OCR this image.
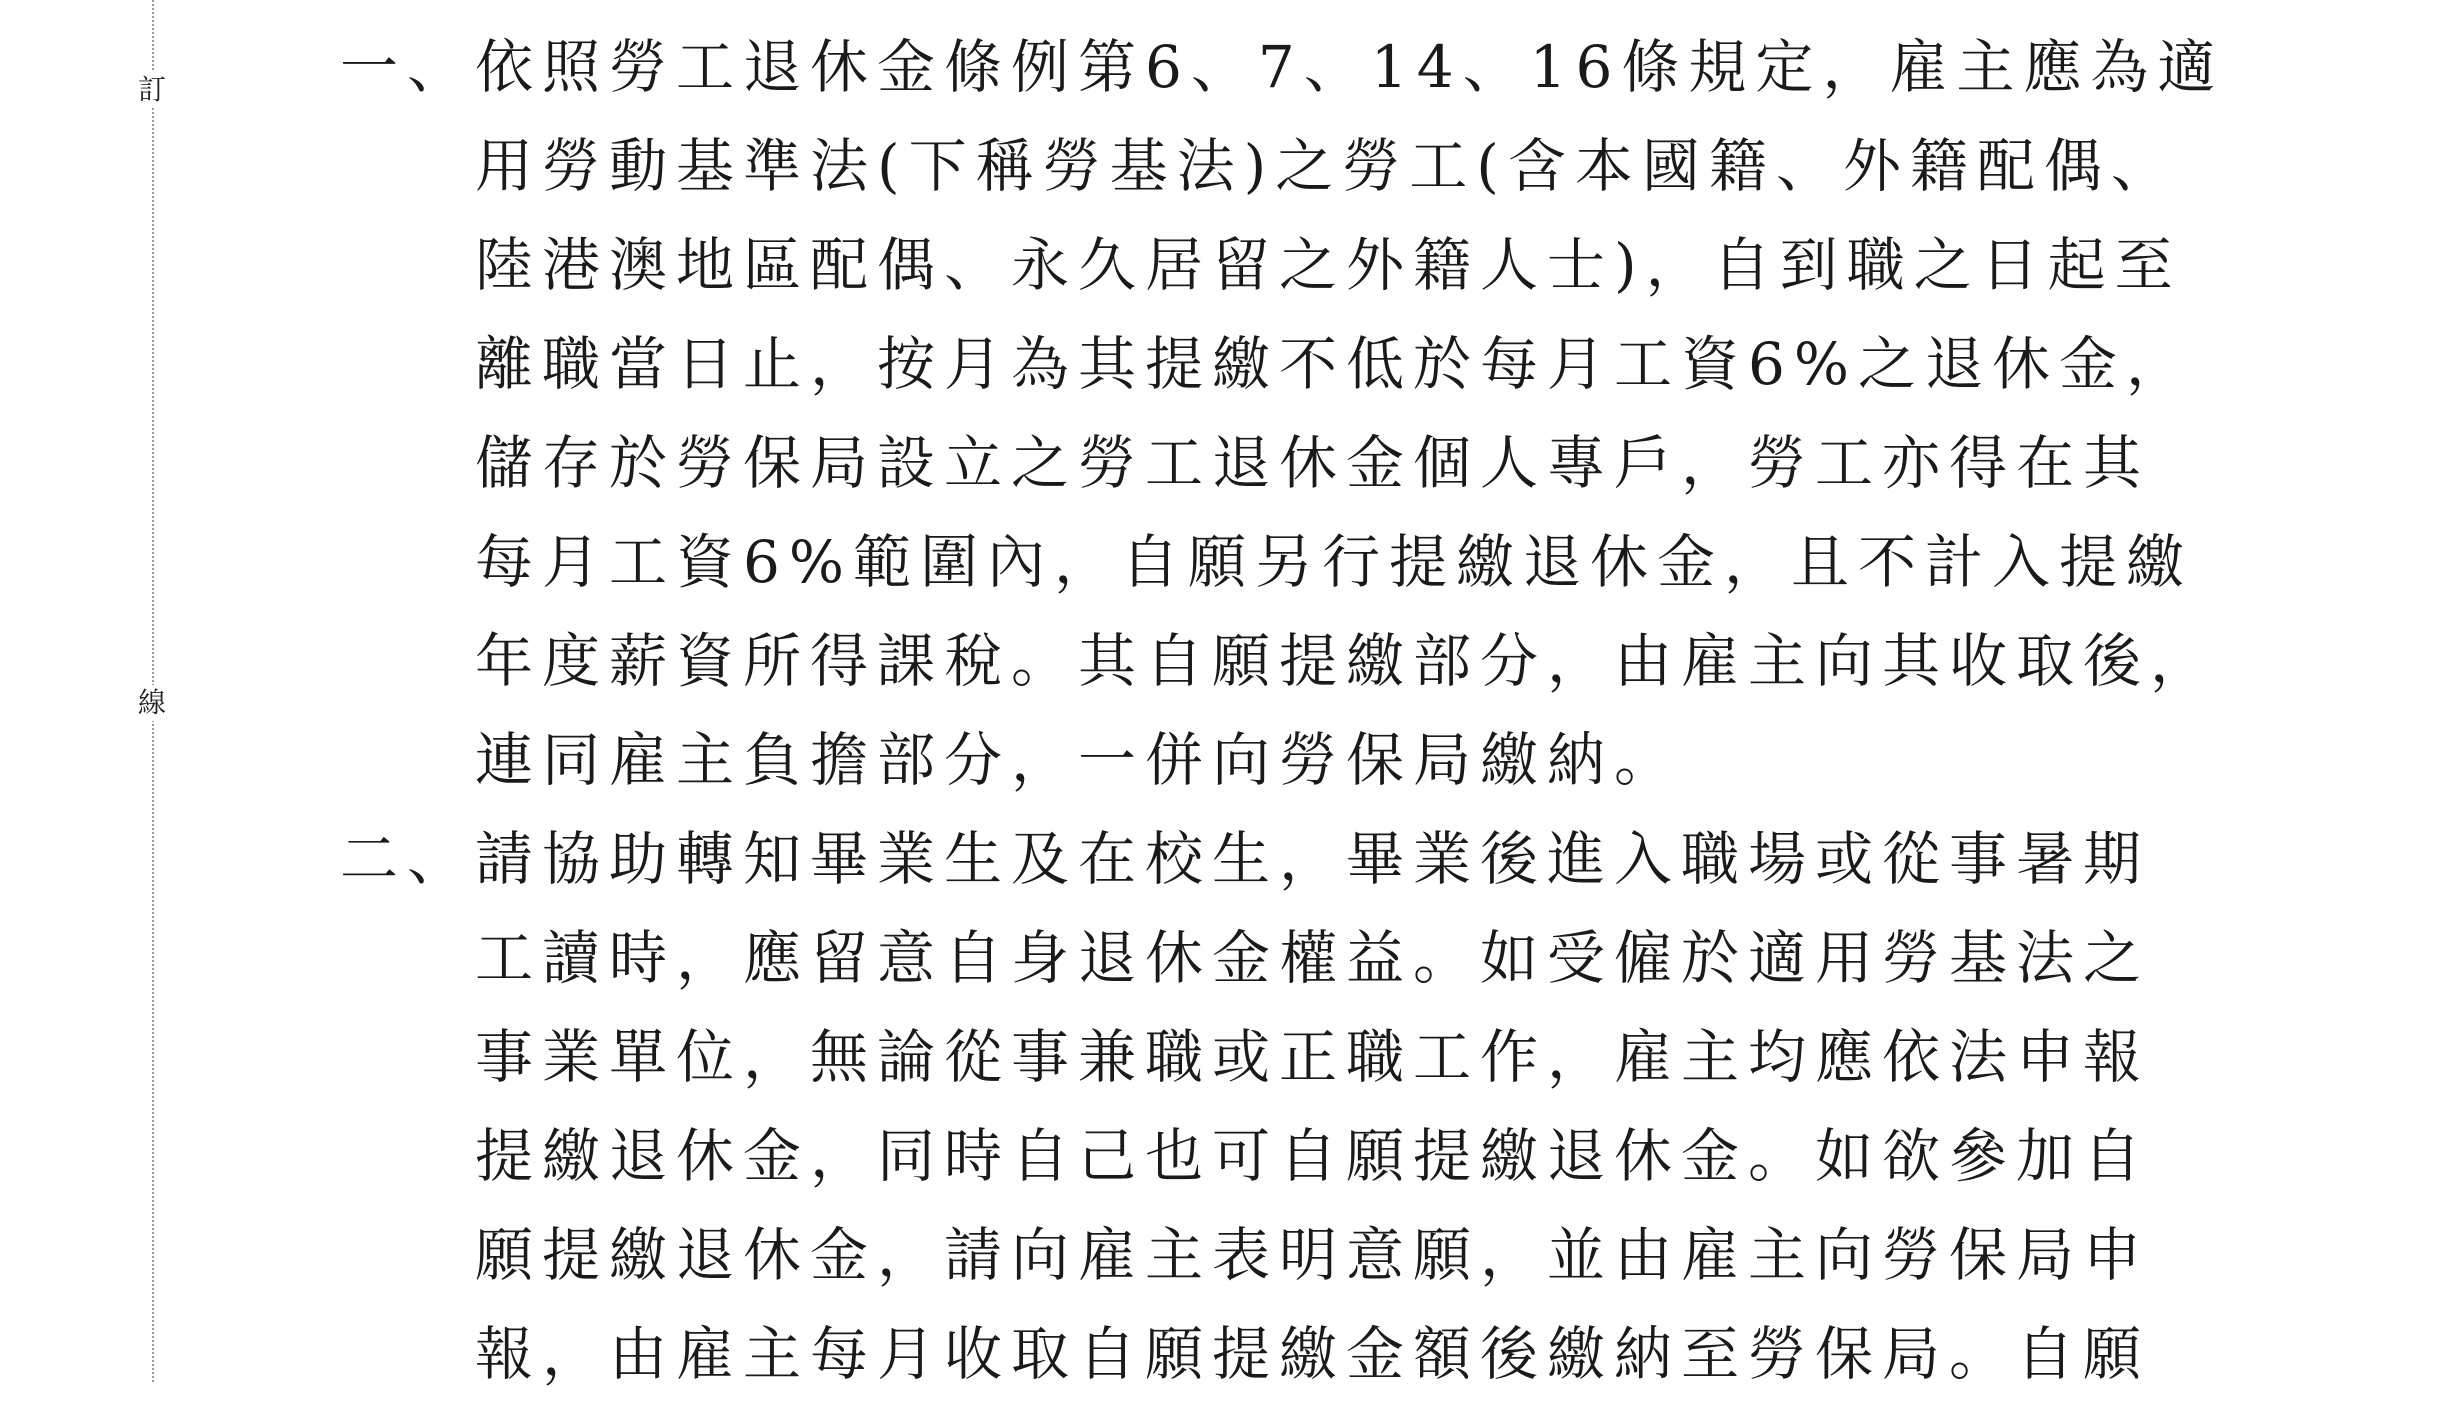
訂
線
一、 依照勞工退休金條例第6、7、14、16條規定，雇主應為適
用勞動基準法(下稱勞基法)之勞工(含本國籍、外籍配偶、
陸港澳地區配偶、永久居留之外籍人士)，自到職之日起至
離職當日止，按月為其提繳不低於每月工資6%之退休金，
儲存於勞保局設立之勞工退休金個人專戶，勞工亦得在其
每月工資6%範圍內，自願另行提繳退休金，且不計入提繳
年度薪資所得課稅。其自願提繳部分，由雇主向其收取後，
連同雇主負擔部分，一併向勞保局繳納。
二、 請協助轉知畢業生及在校生，畢業後進入職場或從事暑期
工讀時，應留意自身退休金權益。如受僱於適用勞基法之
事業單位，無論從事兼職或正職工作，雇主均應依法申報
提繳退休金，同時自己也可自願提繳退休金。如欲參加自
願提繳退休金，請向雇主表明意願，並由雇主向勞保局申
報，由雇主每月收取自願提繳金額後繳納至勞保局。自願
